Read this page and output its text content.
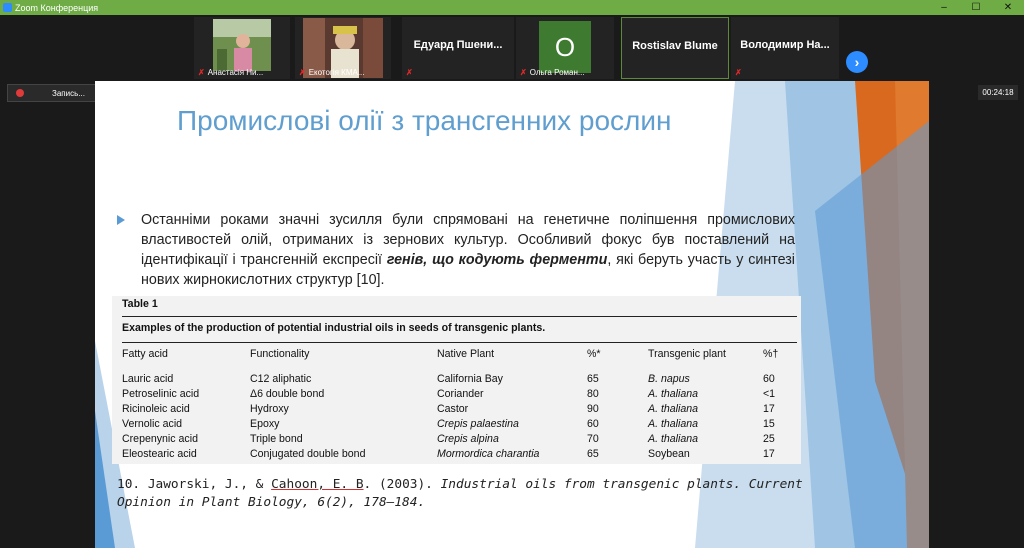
Zoom Конференция	–	☐	✕
✗ Анастасія Ни...	✗ Екотогія КМА...
Едуард Пшени...
✗
O
✗ Ольга Роман...
Rostislav Blume	Володимир На...
✗
›
Запись...	00:24:18
Промислові олії з трансгенних рослин
Останніми роками значні зусилля були спрямовані на генетичне поліпшення промислових властивостей олій, отриманих із зернових культур. Особливий фокус був поставлений на ідентифікації і трансгенній експресії генів, що кодують ферменти, які беруть участь у синтезі нових жирнокислотних структур [10].
Table 1
Examples of the production of potential industrial oils in seeds of transgenic plants.
Fatty acid	Functionality	Native Plant	%*	Transgenic plant	%†
Lauric acid	C12 aliphatic	California Bay	65	B. napus	60
Petroselinic acid	Δ6 double bond	Coriander	80	A. thaliana	<1
Ricinoleic acid	Hydroxy	Castor	90	A. thaliana	17
Vernolic acid	Epoxy	Crepis palaestina	60	A. thaliana	15
Crepenynic acid	Triple bond	Crepis alpina	70	A. thaliana	25
Eleostearic acid	Conjugated double bond	Mormordica charantia	65	Soybean	17
10. Jaworski, J., & Cahoon, E. B. (2003). Industrial oils from transgenic plants. Current Opinion in Plant Biology, 6(2), 178–184.
